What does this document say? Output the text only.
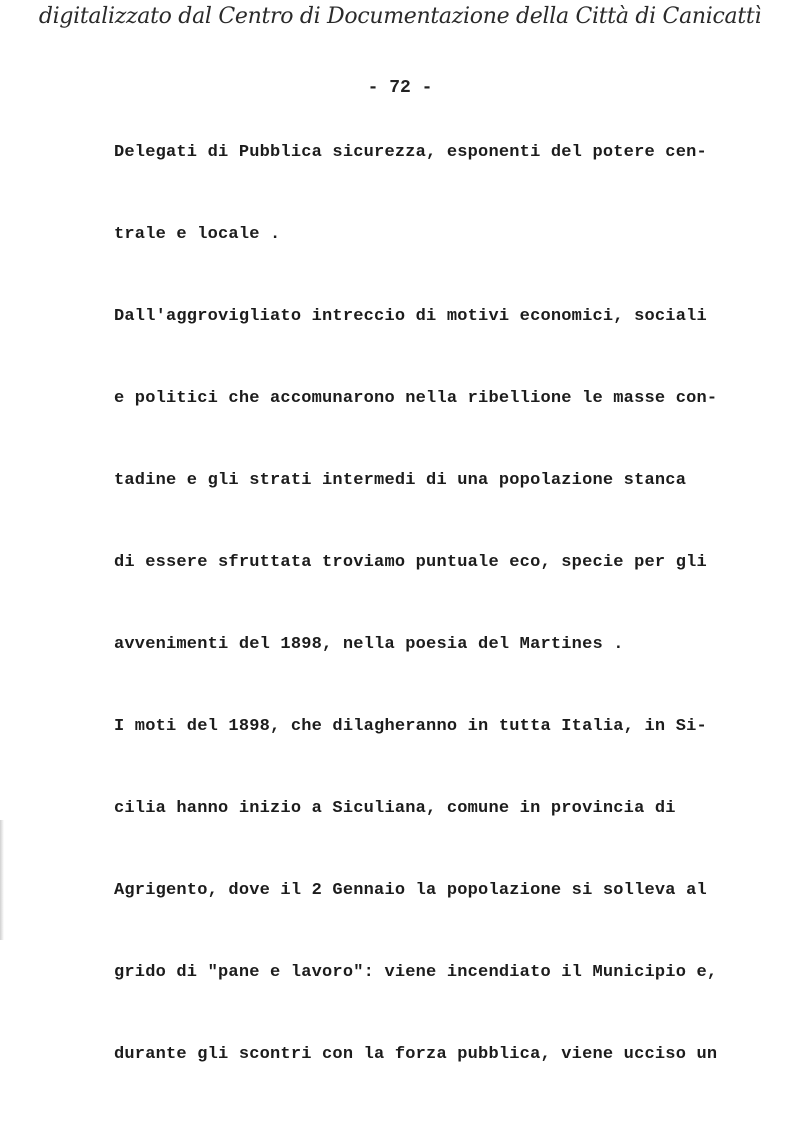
digitalizzato dal Centro di Documentazione della Città di Canicattì
- 72 -
Delegati di Pubblica sicurezza, esponenti del potere cen-
trale e locale .
Dall'aggrovigliato intreccio di motivi economici, sociali
e politici che accomunarono nella ribellione le masse con-
tadine e gli strati intermedi di una popolazione stanca
di essere sfruttata troviamo puntuale eco, specie per gli
avvenimenti del 1898, nella poesia del Martines .
I moti del 1898, che dilagheranno in tutta Italia, in Si-
cilia hanno inizio a Siculiana, comune in provincia di
Agrigento, dove il 2 Gennaio la popolazione si solleva al
grido di "pane e lavoro": viene incendiato il Municipio e,
durante gli scontri con la forza pubblica, viene ucciso un
